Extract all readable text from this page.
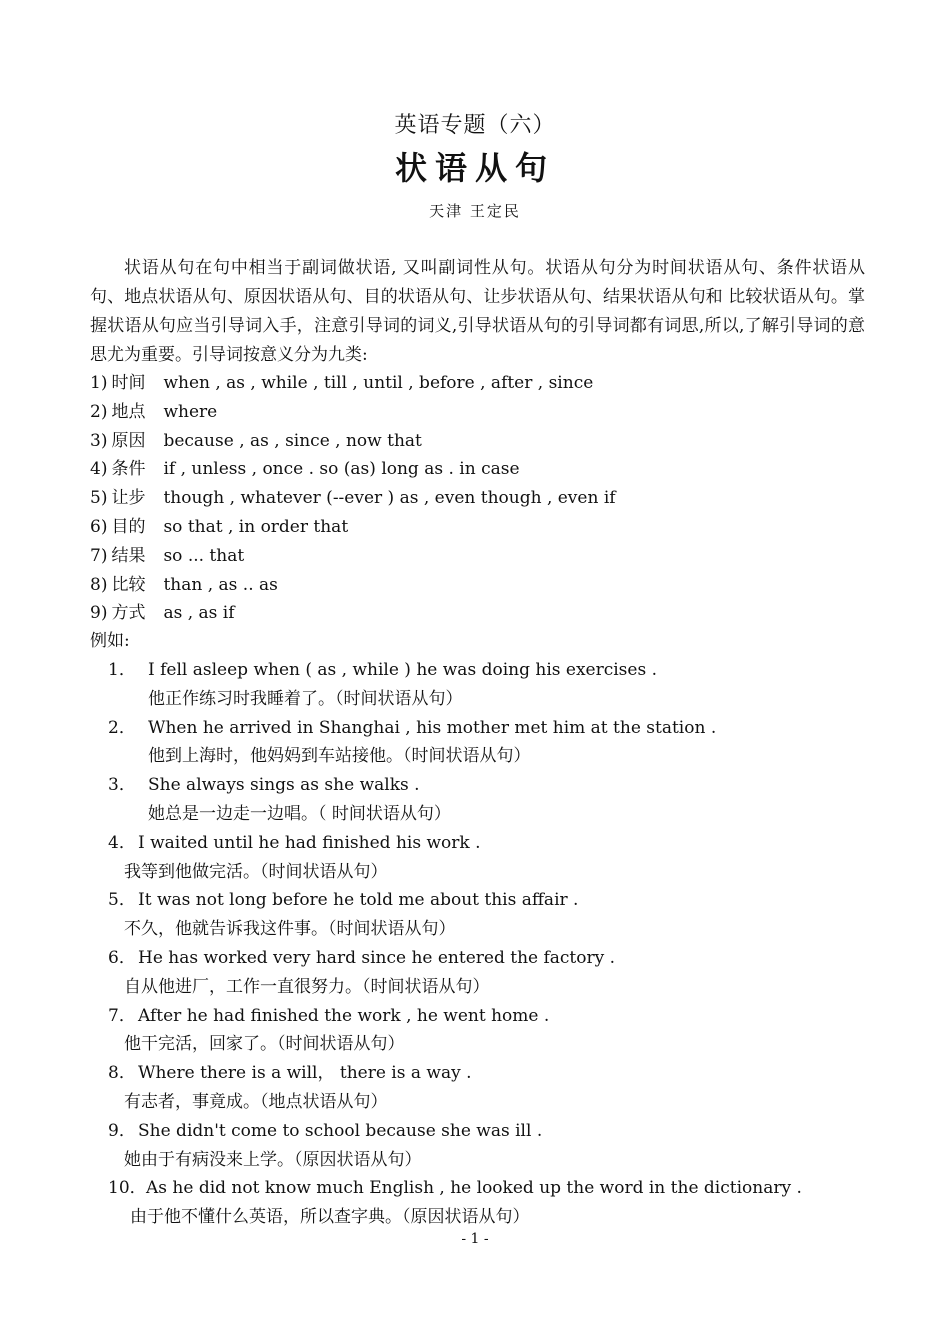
英语专题（六）
状语从句
天津 王定民
状语从句在句中相当于副词做状语, 又叫副词性从句。状语从句分为时间状语从句、条件状语从句、地点状语从句、原因状语从句、目的状语从句、让步状语从句、结果状语从句和 比较状语从句。掌握状语从句应当引导词入手，注意引导词的词义,引导状语从句的引导词都有词思,所以,了解引导词的意思尤为重要。引导词按意义分为九类:
1) 时间 when , as , while , till , until , before , after , since
2) 地点 where
3) 原因 because , as , since , now that
4) 条件 if , unless , once . so (as) long as . in case
5) 让步 though , whatever (--ever ) as , even though , even if
6) 目的 so that , in order that
7) 结果 so ... that
8) 比较 than , as .. as
9) 方式 as , as if
例如:
1． I fell asleep when ( as , while ) he was doing his exercises .
他正作练习时我睡着了。（时间状语从句）
2． When he arrived in Shanghai , his mother met him at the station .
他到上海时，他妈妈到车站接他。（时间状语从句）
3． She always sings as she walks .
她总是一边走一边唱。（ 时间状语从句）
4． I waited until he had finished his work .
我等到他做完活。（时间状语从句）
5． It was not long before he told me about this affair .
不久，他就告诉我这件事。（时间状语从句）
6． He has worked very hard since he entered the factory .
自从他进厂，工作一直很努力。（时间状语从句）
7． After he had finished the work , he went home .
他干完活，回家了。（时间状语从句）
8． Where there is a will， there is a way .
有志者，事竟成。（地点状语从句）
9． She didn't come to school because she was ill .
她由于有病没来上学。（原因状语从句）
10．As he did not know much English , he looked up the word in the dictionary .
由于他不懂什么英语，所以查字典。（原因状语从句）
- 1 -
